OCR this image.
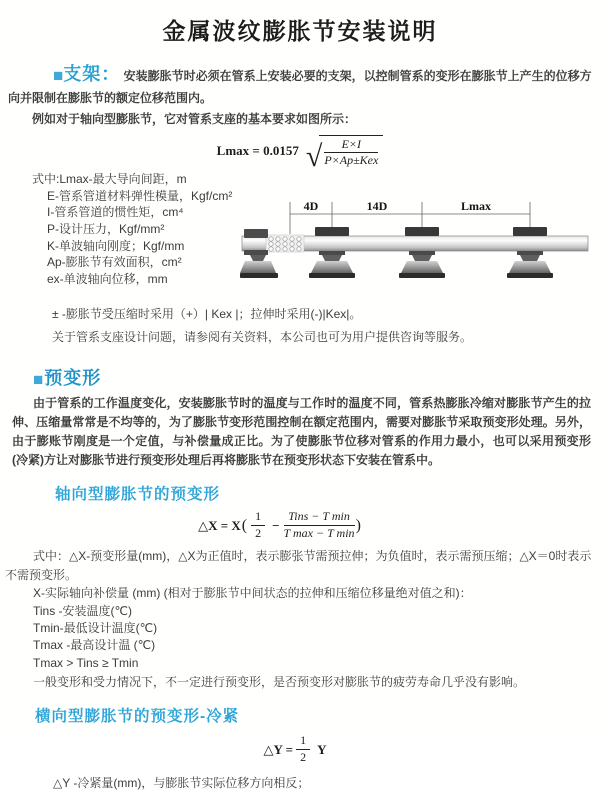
金属波纹膨胀节安装说明

■支架： 安装膨胀节时必须在管系上安装必要的支架，以控制管系的变形在膨胀节上产生的位移方向并限制在膨胀节的额定位移范围内。

例如对于轴向型膨胀节，它对管系支座的基本要求如图所示：

Lmax = 0.0157 √ $\frac{E\times I}{\text{P×Ap±Kex}}$
式中:Lmax-最大导向间距，m
E-管系管道材料弹性模量，Kgf/cm²
I-管系管道的惯性矩，cm⁴
P-设计压力，Kgf/mm²
K-单波轴向刚度；Kgf/mm
Ap-膨胀节有效面积，cm²
ex-单波轴向位移，mm
4D	14D	Lmax

± -膨胀节受压缩时采用（+）| Kex |；拉伸时采用(-)|Kex|。

关于管系支座设计问题，请参阅有关资料，本公司也可为用户提供咨询等服务。

■预变形

由于管系的工作温度变化，安装膨胀节时的温度与工作时的温度不同，管系热膨胀冷缩对膨胀节产生的拉伸、压缩量常常是不均等的，为了膨胀节变形范围控制在额定范围内，需要对膨胀节采取预变形处理。另外，由于膨账节刚度是一个定值，与补偿量成正比。为了使膨胀节位移对管系的作用力最小，也可以采用预变形(冷紧)方让对膨胀节进行预变形处理后再将膨胀节在预变形状态下安装在管系中。

轴向型膨胀节的预变形
△X = X ( $\frac{1}{2} - \frac{\text{Tins − T min}}{\text{T max − T min}}$ )

式中：△X-预变形量(mm)，△X为正值时，表示膨张节需预拉伸；为负值时，表示需预压缩；△X＝0时表示不需预变形。

X-实际轴向补偿量 (mm) (相对于膨胀节中间状态的拉伸和压缩位移量绝对值之和)：
Tins -安装温度(℃)
Tmin-最低设计温度(℃)
Tmax -最高设计温 (℃)
Tmax > Tins ≥ Tmin

一般变形和受力情况下，不一定进行预变形，是否预变形对膨胀节的疲劳寿命几乎没有影响。

横向型膨胀节的预变形-冷紧
△Y = $\frac{1}{2}$ Y

△Y -冷紧量(mm)，与膨胀节实际位移方向相反；
